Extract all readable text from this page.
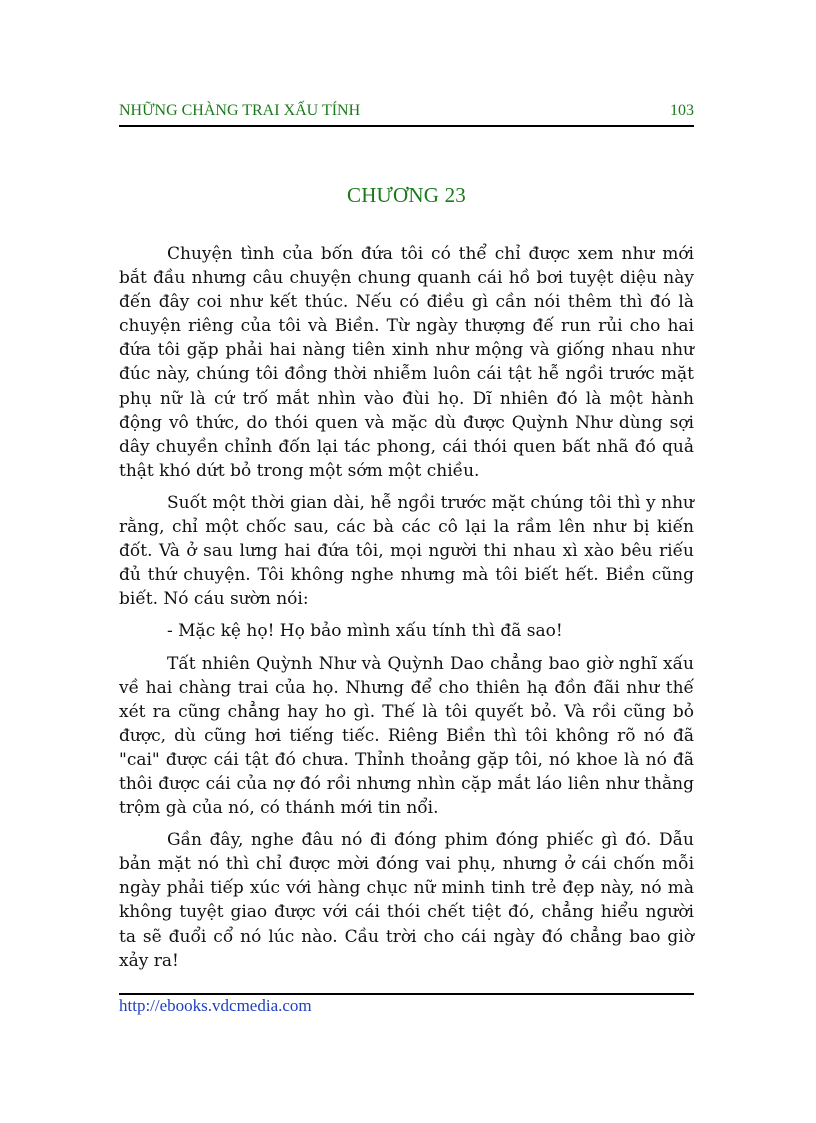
NHỮNG CHÀNG TRAI XẤU TÍNH	103
CHƯƠNG 23

Chuyện tình của bốn đứa tôi có thể chỉ được xem như mới bắt đầu nhưng câu chuyện chung quanh cái hồ bơi tuyệt diệu này đến đây coi như kết thúc. Nếu có điều gì cần nói thêm thì đó là chuyện riêng của tôi và Biền. Từ ngày thượng đế run rủi cho hai đứa tôi gặp phải hai nàng tiên xinh như mộng và giống nhau như đúc này, chúng tôi đồng thời nhiễm luôn cái tật hễ ngồi trước mặt phụ nữ là cứ trố mắt nhìn vào đùi họ. Dĩ nhiên đó là một hành động vô thức, do thói quen và mặc dù được Quỳnh Như dùng sợi dây chuyền chỉnh đốn lại tác phong, cái thói quen bất nhã đó quả thật khó dứt bỏ trong một sớm một chiều.

Suốt một thời gian dài, hễ ngồi trước mặt chúng tôi thì y như rằng, chỉ một chốc sau, các bà các cô lại la rầm lên như bị kiến đốt. Và ở sau lưng hai đứa tôi, mọi người thi nhau xì xào bêu riếu đủ thứ chuyện. Tôi không nghe nhưng mà tôi biết hết. Biền cũng biết. Nó cáu sườn nói:

- Mặc kệ họ! Họ bảo mình xấu tính thì đã sao!

Tất nhiên Quỳnh Như và Quỳnh Dao chẳng bao giờ nghĩ xấu về hai chàng trai của họ. Nhưng để cho thiên hạ đồn đãi như thế xét ra cũng chẳng hay ho gì. Thế là tôi quyết bỏ. Và rồi cũng bỏ được, dù cũng hơi tiếng tiếc. Riêng Biền thì tôi không rõ nó đã "cai" được cái tật đó chưa. Thỉnh thoảng gặp tôi, nó khoe là nó đã thôi được cái của nợ đó rồi nhưng nhìn cặp mắt láo liên như thằng trộm gà của nó, có thánh mới tin nổi.

Gần đây, nghe đâu nó đi đóng phim đóng phiếc gì đó. Dẫu bản mặt nó thì chỉ được mời đóng vai phụ, nhưng ở cái chốn mỗi ngày phải tiếp xúc với hàng chục nữ minh tinh trẻ đẹp này, nó mà không tuyệt giao được với cái thói chết tiệt đó, chẳng hiểu người ta sẽ đuổi cổ nó lúc nào. Cầu trời cho cái ngày đó chẳng bao giờ xảy ra!

http://ebooks.vdcmedia.com
